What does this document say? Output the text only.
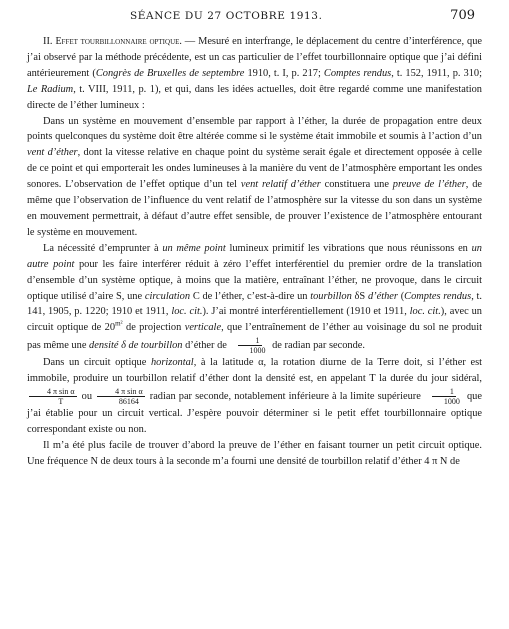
SÉANCE DU 27 OCTOBRE 1913.	709

II. Effet tourbillonnaire optique. — Mesuré en interfrange, le déplacement du centre d’interférence, que j’ai observé par la méthode précédente, est un cas particulier de l’effet tourbillonnaire optique que j’ai défini antérieurement (Congrès de Bruxelles de septembre 1910, t. I, p. 217; Comptes rendus, t. 152, 1911, p. 310; Le Radium, t. VIII, 1911, p. 1), et qui, dans les idées actuelles, doit être regardé comme une manifestation directe de l’éther lumineux :

Dans un système en mouvement d’ensemble par rapport à l’éther, la durée de propagation entre deux points quelconques du système doit être altérée comme si le système était immobile et soumis à l’action d’un vent d’éther, dont la vitesse relative en chaque point du système serait égale et directement opposée à celle de ce point et qui emporterait les ondes lumineuses à la manière du vent de l’atmosphère emportant les ondes sonores. L’observation de l’effet optique d’un tel vent relatif d’éther constituera une preuve de l’éther, de même que l’observation de l’influence du vent relatif de l’atmosphère sur la vitesse du son dans un système en mouvement permettrait, à défaut d’autre effet sensible, de prouver l’existence de l’atmosphère entourant le système en mouvement.

La nécessité d’emprunter à un même point lumineux primitif les vibrations que nous réunissons en un autre point pour les faire interférer réduit à zéro l’effet interférentiel du premier ordre de la translation d’ensemble d’un système optique, à moins que la matière, entraînant l’éther, ne provoque, dans le circuit optique utilisé d’aire S, une circulation C de l’éther, c’est-à-dire un tourbillon δS d’éther (Comptes rendus, t. 141, 1905, p. 1220; 1910 et 1911, loc. cit.). J’ai montré interférentiellement (1910 et 1911, loc. cit.), avec un circuit optique de $20^{m^2}$ de projection verticale, que l’entraînement de l’éther au voisinage du sol ne produit pas même une densité δ de tourbillon d’éther de $\frac{1}{1000}$ de radian par seconde.

Dans un circuit optique horizontal, à la latitude α, la rotation diurne de la Terre doit, si l’éther est immobile, produire un tourbillon relatif d’éther dont la densité est, en appelant T la durée du jour sidéral,
$\frac{\text{4 π sin α}}{T}$ ou $\frac{\text{4 π sin α}}{86164}$ radian par seconde, notablement inférieure à la limite supérieure $\frac{1}{1000}$ que j’ai établie pour un circuit vertical. J’espère pouvoir déterminer si le petit effet tourbillonnaire optique correspondant existe ou non.

Il m’a été plus facile de trouver d’abord la preuve de l’éther en faisant tourner un petit circuit optique. Une fréquence N de deux tours à la seconde m’a fourni une densité de tourbillon relatif d’éther 4 π N de
